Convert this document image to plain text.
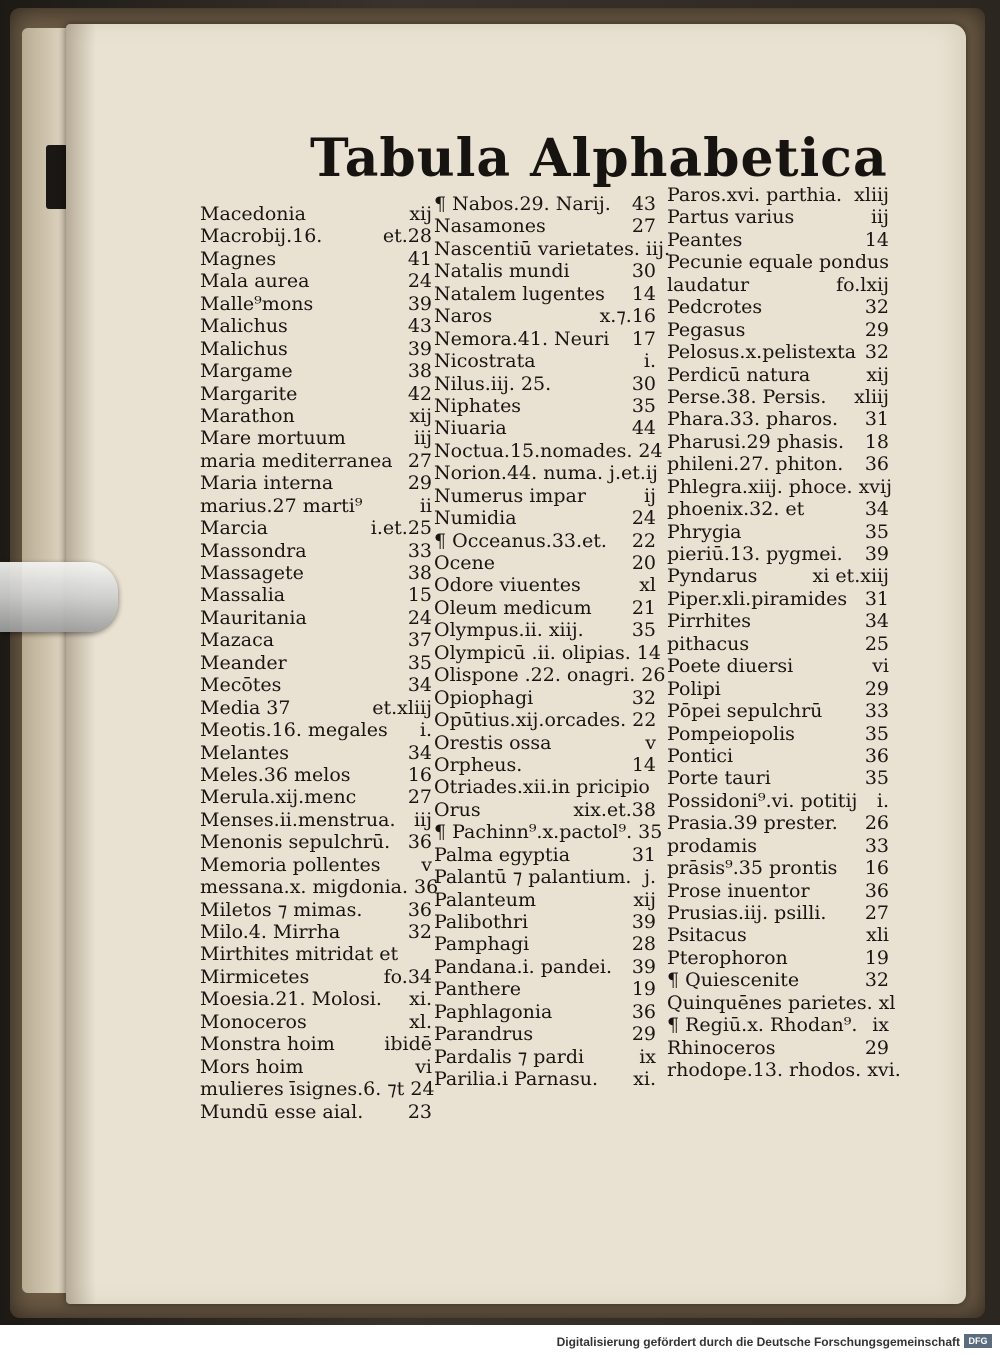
Tabula Alphabetica
Macedonia	xij
Macrobij.16.	et.28
Magnes	41
Mala aurea	24
Malle⁹mons	39
Malichus	43
Malichus	39
Margame	38
Margarite	42
Marathon	xij
Mare mortuum	iij
maria mediterranea 27
Maria interna	29
marius.27 marti⁹	ii
Marcia	i.et.25
Massondra	33
Massagete	38
Massalia	15
Mauritania	24
Mazaca	37
Meander	35
Mecōtes	34
Media 37	et.xliij
Meotis.16. megales	i.
Melantes	34
Meles.36 melos	16
Merula.xij.menc	27
Menses.ii.menstrua. iij
Menonis sepulchrū. 36
Memoria pollentes	v
messana.x. migdonia. 36
Miletos ⁊ mimas.	36
Milo.4. Mirrha	32
Mirthites mitridat et
Mirmicetes	fo.34
Moesia.21. Molosi.	xi.
Monoceros	xl.
Monstra hoim	ibidē
Mors hoim	vi
mulieres īsignes.6. ⁊t 24
Mundū esse aial.	23
¶ Nabos.29. Narij.	43
Nasamones	27
Nascentiū varietates. iij.
Natalis mundi	30
Natalem lugentes	14
Naros	x.⁊.16
Nemora.41. Neuri	17
Nicostrata	i.
Nilus.iij. 25.	30
Niphates	35
Niuaria	44
Noctua.15.nomades. 24
Norion.44. numa. j.et.ij
Numerus impar	ij
Numidia	24
¶ Occeanus.33.et.	22
Ocene	20
Odore viuentes	xl
Oleum medicum	21
Olympus.ii. xiij.	35
Olympicū .ii. olipias. 14
Olispone .22. onagri. 26
Opiophagi	32
Opūtius.xij.orcades. 22
Orestis ossa	v
Orpheus.	14
Otriades.xii.in pricipio
Orus	xix.et.38
¶ Pachinn⁹.x.pactol⁹. 35
Palma egyptia	31
Palantū ⁊ palantium. j.
Palanteum	xij
Palibothri	39
Pamphagi	28
Pandana.i. pandei.	39
Panthere	19
Paphlagonia	36
Parandrus	29
Pardalis ⁊ pardi	ix
Parilia.i Parnasu.	xi.
Paros.xvi. parthia. xliij
Partus varius	iij
Peantes	14
Pecunie equale pondus
laudatur	fo.lxij
Pedcrotes	32
Pegasus	29
Pelosus.x.pelistexta 32
Perdicū natura	xij
Perse.38. Persis.	xliij
Phara.33. pharos.	31
Pharusi.29 phasis.	18
phileni.27. phiton.	36
Phlegra.xiij. phoce. xvij
phoenix.32. et	34
Phrygia	35
pieriū.13. pygmei.	39
Pyndarus	xi et.xiij
Piper.xli.piramides 31
Pirrhites	34
pithacus	25
Poete diuersi	vi
Polipi	29
Pōpei sepulchrū	33
Pompeiopolis	35
Pontici	36
Porte tauri	35
Possidoni⁹.vi. potitij	i.
Prasia.39 prester.	26
prodamis	33
prāsis⁹.35 prontis	16
Prose inuentor	36
Prusias.iij. psilli.	27
Psitacus	xli
Pterophoron	19
¶ Quiescenite	32
Quinquēnes parietes. xl
¶ Regiū.x. Rhodan⁹. ix
Rhinoceros	29
rhodope.13. rhodos. xvi.
Digitalisierung gefördert durch die Deutsche Forschungsgemeinschaft DFG
